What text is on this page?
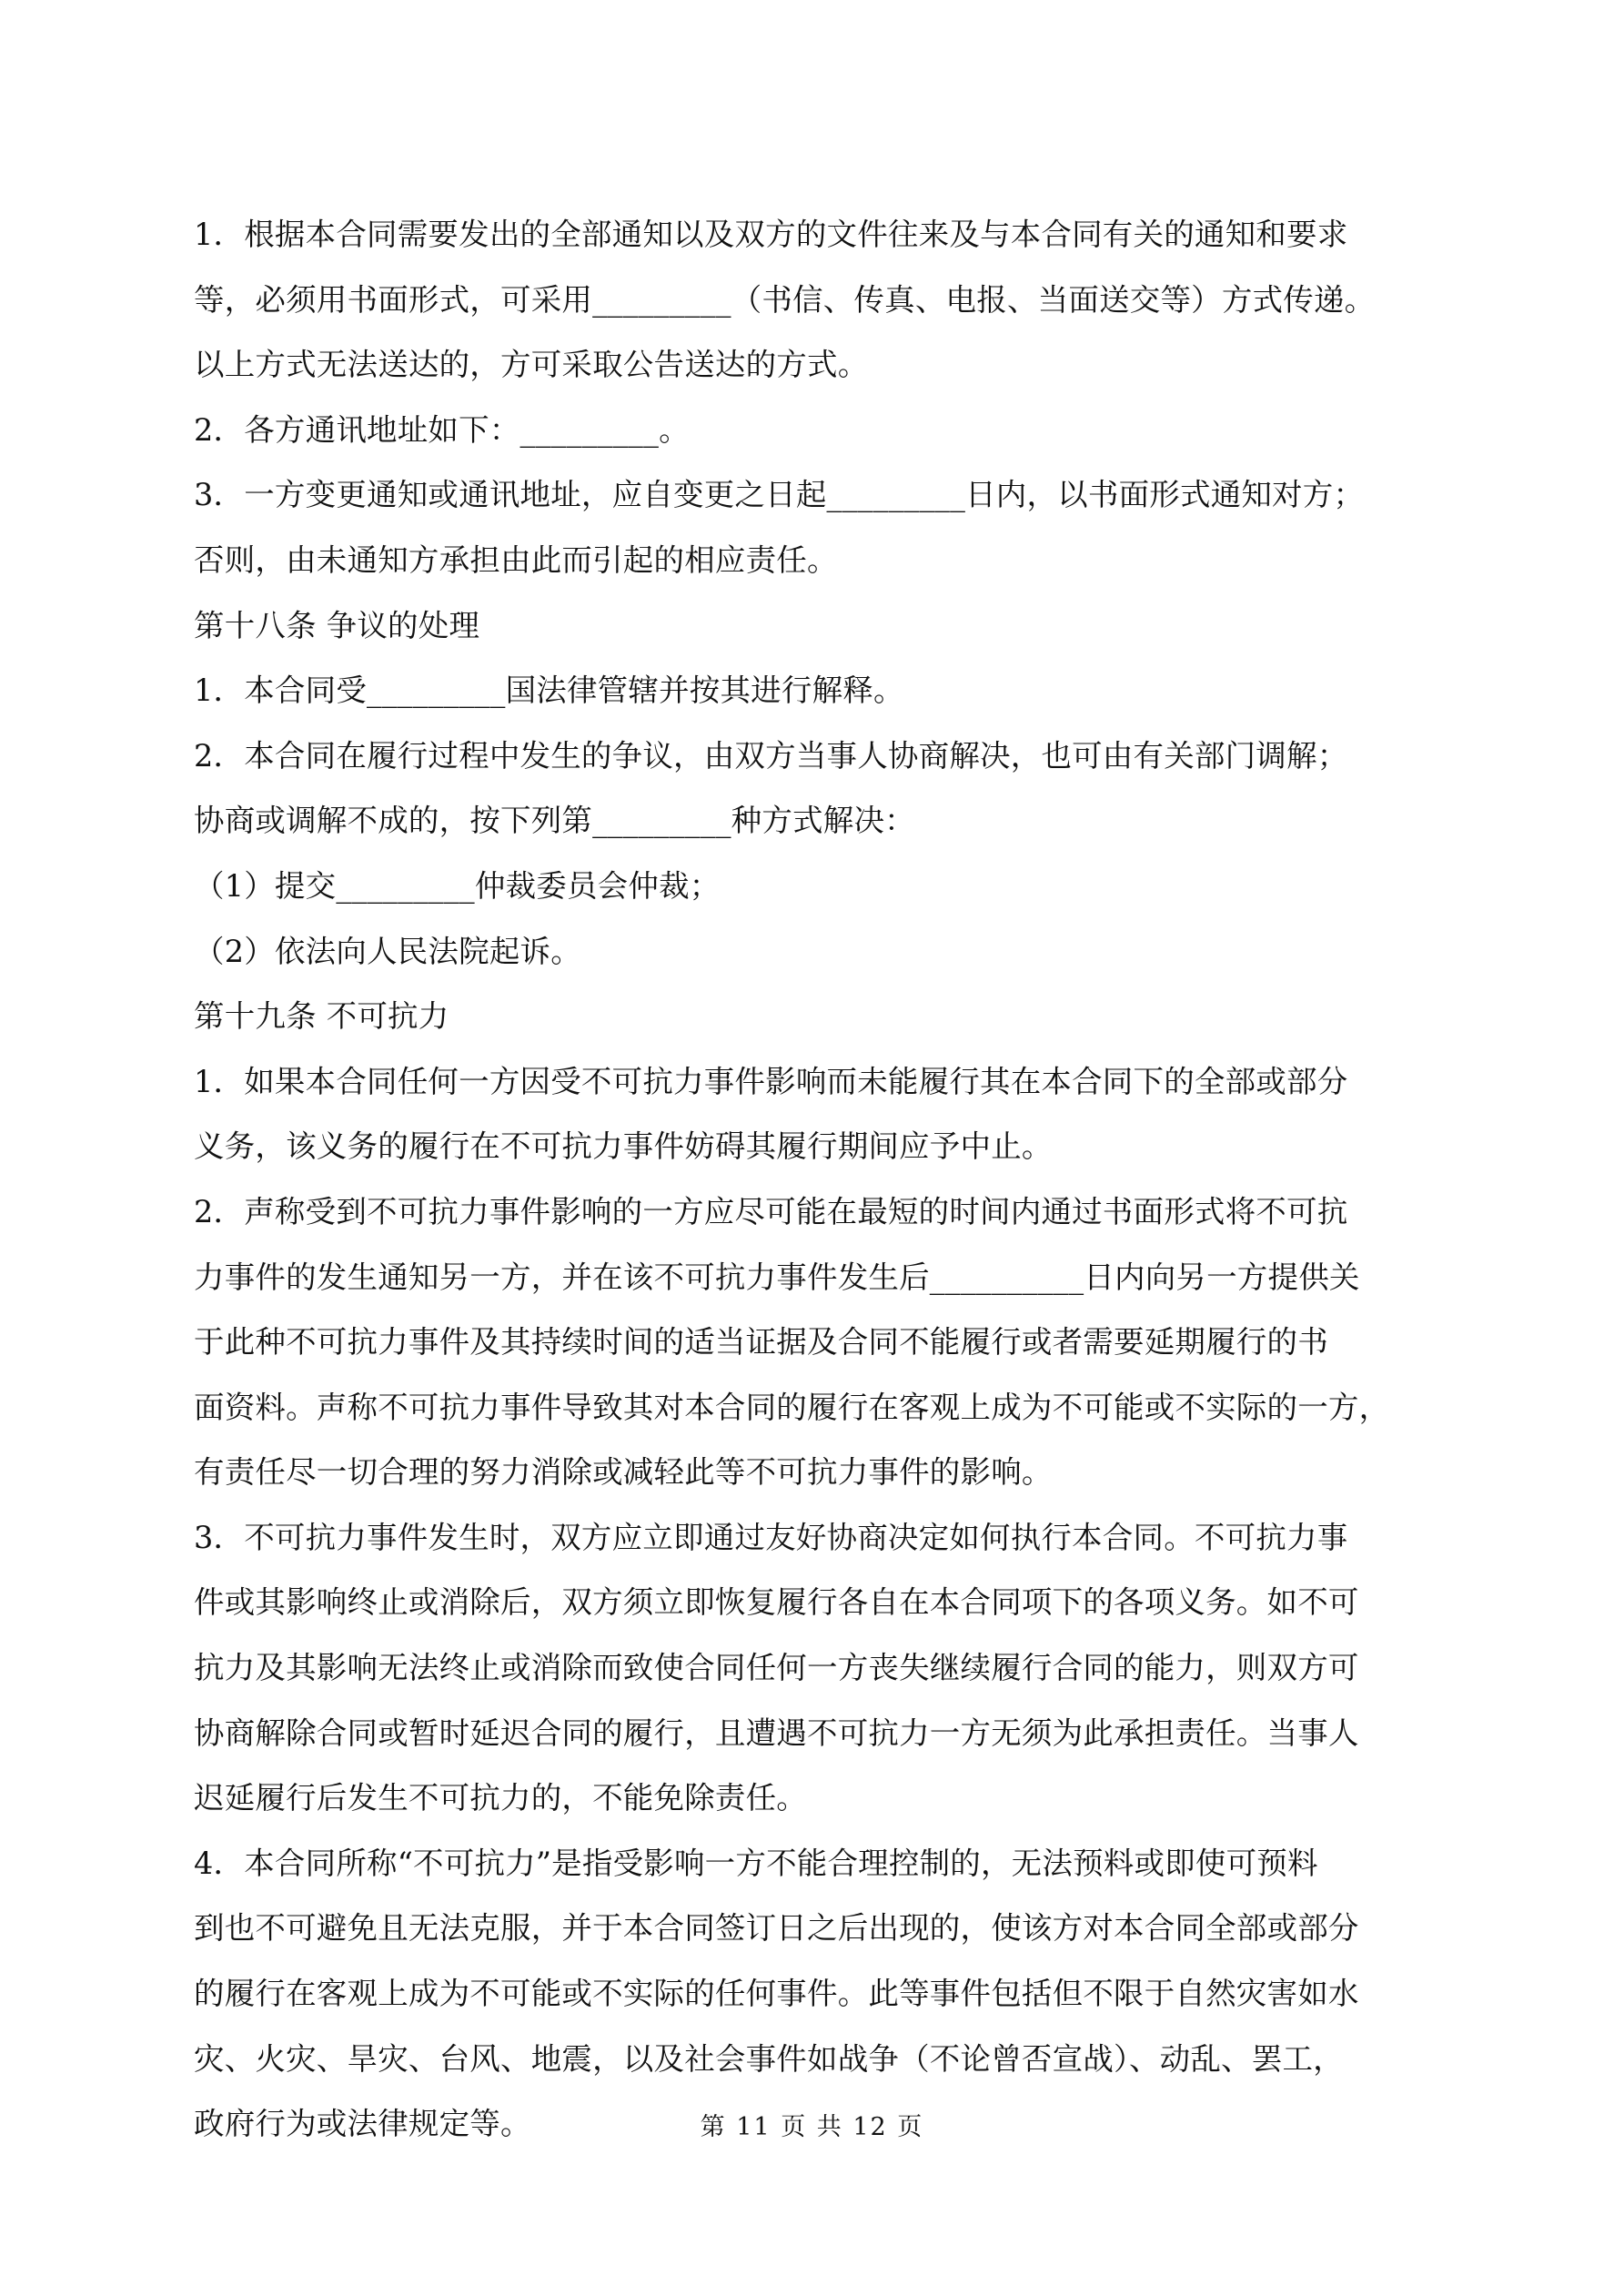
1．根据本合同需要发出的全部通知以及双方的文件往来及与本合同有关的通知和要求
等，必须用书面形式，可采用_________（书信、传真、电报、当面送交等）方式传递。
以上方式无法送达的，方可采取公告送达的方式。
2．各方通讯地址如下：_________。
3．一方变更通知或通讯地址，应自变更之日起_________日内，以书面形式通知对方；
否则，由未通知方承担由此而引起的相应责任。
第十八条 争议的处理
1．本合同受_________国法律管辖并按其进行解释。
2．本合同在履行过程中发生的争议，由双方当事人协商解决，也可由有关部门调解；
协商或调解不成的，按下列第_________种方式解决：
（1）提交_________仲裁委员会仲裁；
（2）依法向人民法院起诉。
第十九条 不可抗力
1．如果本合同任何一方因受不可抗力事件影响而未能履行其在本合同下的全部或部分
义务，该义务的履行在不可抗力事件妨碍其履行期间应予中止。
2．声称受到不可抗力事件影响的一方应尽可能在最短的时间内通过书面形式将不可抗
力事件的发生通知另一方，并在该不可抗力事件发生后__________日内向另一方提供关
于此种不可抗力事件及其持续时间的适当证据及合同不能履行或者需要延期履行的书
面资料。声称不可抗力事件导致其对本合同的履行在客观上成为不可能或不实际的一方，
有责任尽一切合理的努力消除或减轻此等不可抗力事件的影响。
3．不可抗力事件发生时，双方应立即通过友好协商决定如何执行本合同。不可抗力事
件或其影响终止或消除后，双方须立即恢复履行各自在本合同项下的各项义务。如不可
抗力及其影响无法终止或消除而致使合同任何一方丧失继续履行合同的能力，则双方可
协商解除合同或暂时延迟合同的履行，且遭遇不可抗力一方无须为此承担责任。当事人
迟延履行后发生不可抗力的，不能免除责任。
4．本合同所称“不可抗力”是指受影响一方不能合理控制的，无法预料或即使可预料
到也不可避免且无法克服，并于本合同签订日之后出现的，使该方对本合同全部或部分
的履行在客观上成为不可能或不实际的任何事件。此等事件包括但不限于自然灾害如水
灾、火灾、旱灾、台风、地震，以及社会事件如战争（不论曾否宣战）、动乱、罢工，
政府行为或法律规定等。	第 11 页 共 12 页
